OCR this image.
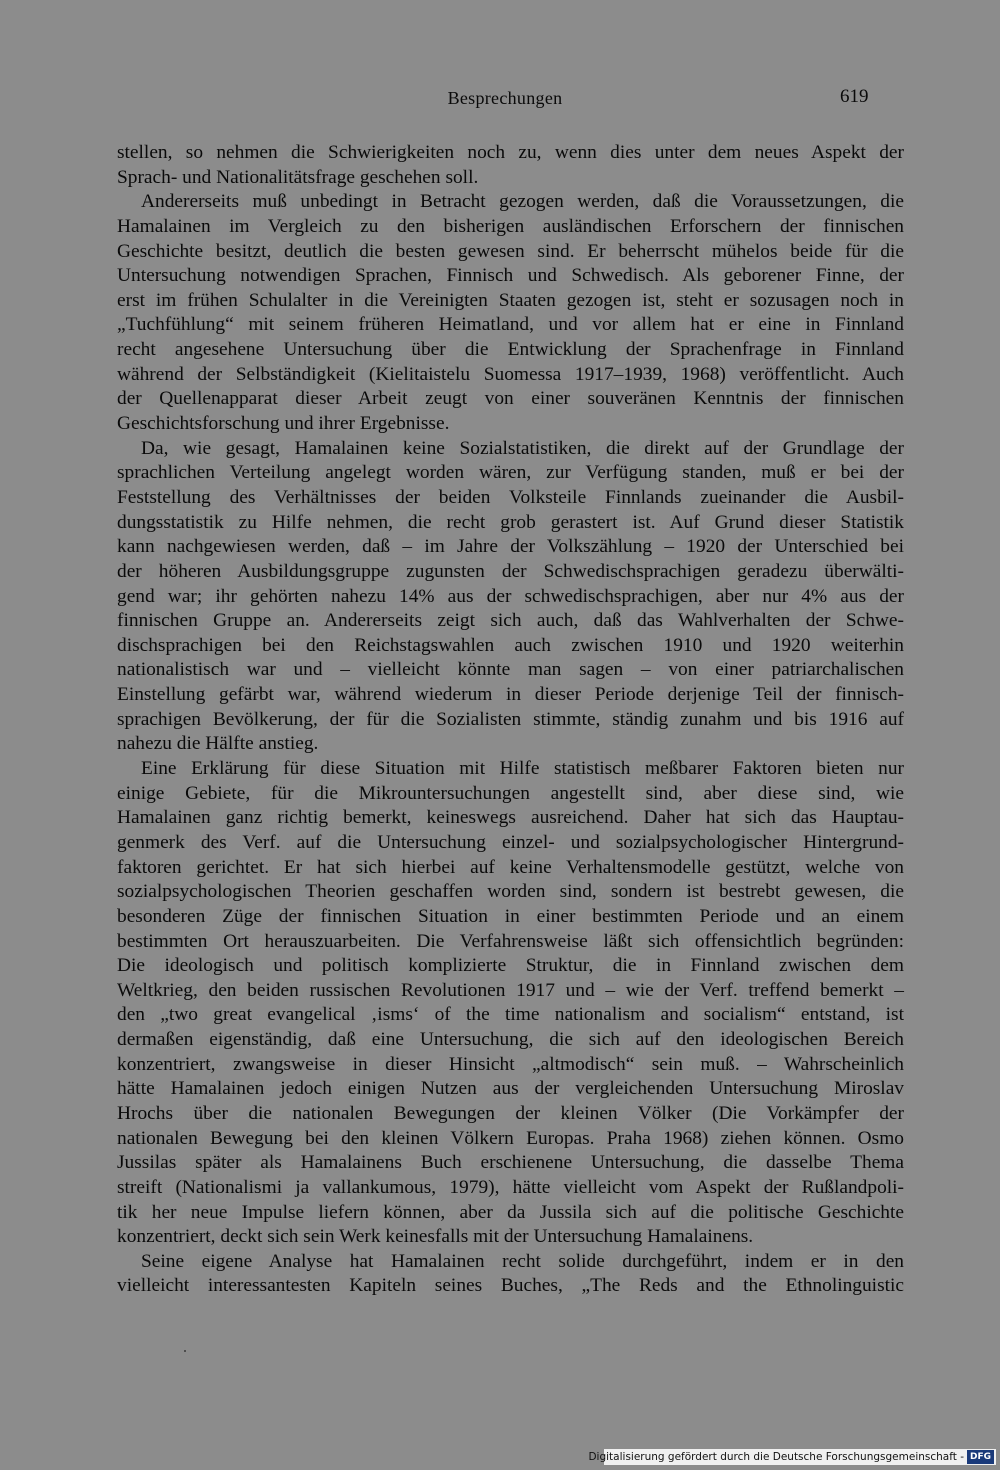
Besprechungen	619
stellen, so nehmen die Schwierigkeiten noch zu, wenn dies unter dem neues Aspekt der
Sprach- und Nationalitätsfrage geschehen soll.
Andererseits muß unbedingt in Betracht gezogen werden, daß die Voraussetzungen, die
Hamalainen im Vergleich zu den bisherigen ausländischen Erforschern der finnischen
Geschichte besitzt, deutlich die besten gewesen sind. Er beherrscht mühelos beide für die
Untersuchung notwendigen Sprachen, Finnisch und Schwedisch. Als geborener Finne, der
erst im frühen Schulalter in die Vereinigten Staaten gezogen ist, steht er sozusagen noch in
„Tuchfühlung“ mit seinem früheren Heimatland, und vor allem hat er eine in Finnland
recht angesehene Untersuchung über die Entwicklung der Sprachenfrage in Finnland
während der Selbständigkeit (Kielitaistelu Suomessa 1917–1939, 1968) veröffentlicht. Auch
der Quellenapparat dieser Arbeit zeugt von einer souveränen Kenntnis der finnischen
Geschichtsforschung und ihrer Ergebnisse.
Da, wie gesagt, Hamalainen keine Sozialstatistiken, die direkt auf der Grundlage der
sprachlichen Verteilung angelegt worden wären, zur Verfügung standen, muß er bei der
Feststellung des Verhältnisses der beiden Volksteile Finnlands zueinander die Ausbil-
dungsstatistik zu Hilfe nehmen, die recht grob gerastert ist. Auf Grund dieser Statistik
kann nachgewiesen werden, daß – im Jahre der Volkszählung – 1920 der Unterschied bei
der höheren Ausbildungsgruppe zugunsten der Schwedischsprachigen geradezu überwälti-
gend war; ihr gehörten nahezu 14% aus der schwedischsprachigen, aber nur 4% aus der
finnischen Gruppe an. Andererseits zeigt sich auch, daß das Wahlverhalten der Schwe-
dischsprachigen bei den Reichstagswahlen auch zwischen 1910 und 1920 weiterhin
nationalistisch war und – vielleicht könnte man sagen – von einer patriarchalischen
Einstellung gefärbt war, während wiederum in dieser Periode derjenige Teil der finnisch-
sprachigen Bevölkerung, der für die Sozialisten stimmte, ständig zunahm und bis 1916 auf
nahezu die Hälfte anstieg.
Eine Erklärung für diese Situation mit Hilfe statistisch meßbarer Faktoren bieten nur
einige Gebiete, für die Mikrountersuchungen angestellt sind, aber diese sind, wie
Hamalainen ganz richtig bemerkt, keineswegs ausreichend. Daher hat sich das Hauptau-
genmerk des Verf. auf die Untersuchung einzel- und sozialpsychologischer Hintergrund-
faktoren gerichtet. Er hat sich hierbei auf keine Verhaltensmodelle gestützt, welche von
sozialpsychologischen Theorien geschaffen worden sind, sondern ist bestrebt gewesen, die
besonderen Züge der finnischen Situation in einer bestimmten Periode und an einem
bestimmten Ort herauszuarbeiten. Die Verfahrensweise läßt sich offensichtlich begründen:
Die ideologisch und politisch komplizierte Struktur, die in Finnland zwischen dem
Weltkrieg, den beiden russischen Revolutionen 1917 und – wie der Verf. treffend bemerkt –
den „two great evangelical ‚isms‘ of the time nationalism and socialism“ entstand, ist
dermaßen eigenständig, daß eine Untersuchung, die sich auf den ideologischen Bereich
konzentriert, zwangsweise in dieser Hinsicht „altmodisch“ sein muß. – Wahrscheinlich
hätte Hamalainen jedoch einigen Nutzen aus der vergleichenden Untersuchung Miroslav
Hrochs über die nationalen Bewegungen der kleinen Völker (Die Vorkämpfer der
nationalen Bewegung bei den kleinen Völkern Europas. Praha 1968) ziehen können. Osmo
Jussilas später als Hamalainens Buch erschienene Untersuchung, die dasselbe Thema
streift (Nationalismi ja vallankumous, 1979), hätte vielleicht vom Aspekt der Rußlandpoli-
tik her neue Impulse liefern können, aber da Jussila sich auf die politische Geschichte
konzentriert, deckt sich sein Werk keinesfalls mit der Untersuchung Hamalainens.
Seine eigene Analyse hat Hamalainen recht solide durchgeführt, indem er in den
vielleicht interessantesten Kapiteln seines Buches, „The Reds and the Ethnolinguistic
Digitalisierung gefördert durch die Deutsche Forschungsgemeinschaft - DFG
